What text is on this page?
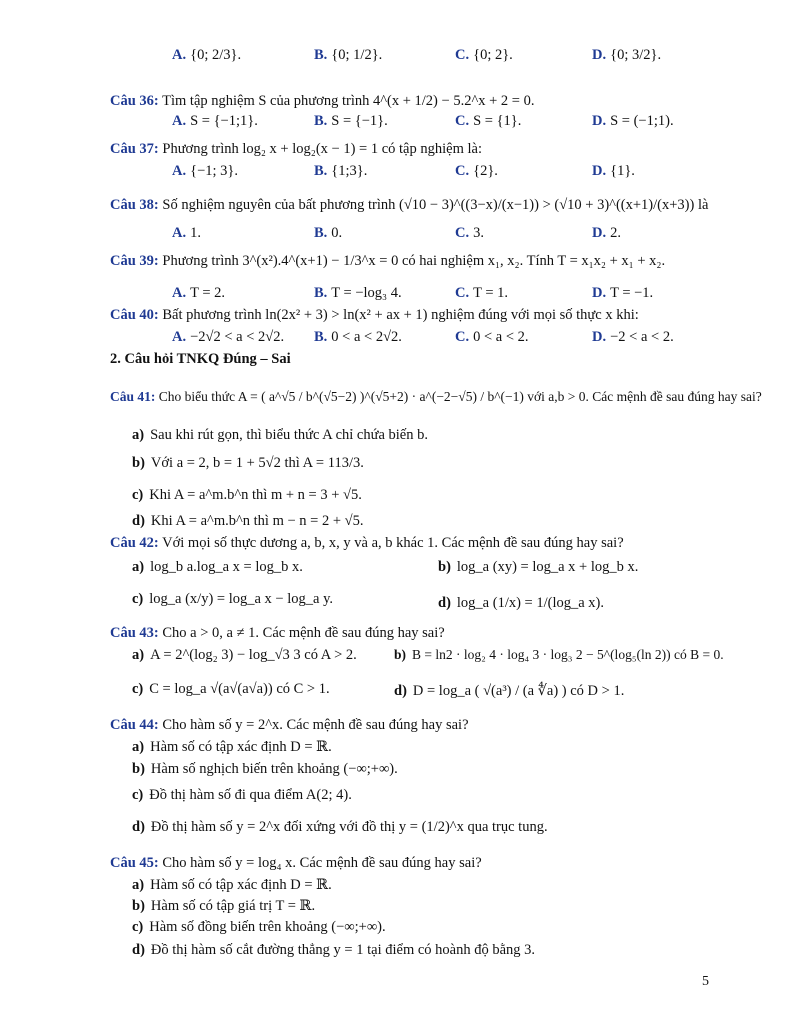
A. {0; 2/3}.	B. {0; 1/2}.	C. {0; 2}.	D. {0; 3/2}.
Câu 36: Tìm tập nghiệm S của phương trình 4^(x + 1/2) − 5.2^x + 2 = 0.
A. S = {−1;1}.	B. S = {−1}.	C. S = {1}.	D. S = (−1;1).
Câu 37: Phương trình log₂ x + log₂(x − 1) = 1 có tập nghiệm là:
A. {−1; 3}.	B. {1;3}.	C. {2}.	D. {1}.
Câu 38: Số nghiệm nguyên của bất phương trình (√10 − 3)^((3−x)/(x−1)) > (√10 + 3)^((x+1)/(x+3)) là
A. 1.	B. 0.	C. 3.	D. 2.
Câu 39: Phương trình 3^(x²).4^(x+1) − 1/3^x = 0 có hai nghiệm x₁, x₂. Tính T = x₁x₂ + x₁ + x₂.
A. T = 2.	B. T = −log₃ 4.	C. T = 1.	D. T = −1.
Câu 40: Bất phương trình ln(2x² + 3) > ln(x² + ax + 1) nghiệm đúng với mọi số thực x khi:
A. −2√2 < a < 2√2. B. 0 < a < 2√2.	C. 0 < a < 2.	D. −2 < a < 2.
2. Câu hỏi TNKQ Đúng – Sai
Câu 41: Cho biểu thức A = ( a^√5 / b^(√5−2) )^(√5+2) · a^(−2−√5) / b^(−1) với a,b > 0. Các mệnh đề sau đúng hay sai?
a) Sau khi rút gọn, thì biểu thức A chỉ chứa biến b.
b) Với a = 2, b = 1 + 5√2 thì A = 113/3.
c) Khi A = a^m.b^n thì m + n = 3 + √5.
d) Khi A = a^m.b^n thì m − n = 2 + √5.
Câu 42: Với mọi số thực dương a, b, x, y và a, b khác 1. Các mệnh đề sau đúng hay sai?
a) log_b a.log_a x = log_b x.	b) log_a (xy) = log_a x + log_b x.
c) log_a (x/y) = log_a x − log_a y.	d) log_a (1/x) = 1/(log_a x).
Câu 43: Cho a > 0, a ≠ 1. Các mệnh đề sau đúng hay sai?
a) A = 2^(log₂ 3) − log_√3 3 có A > 2.	b) B = ln2 · log₂ 4 · log₄ 3 · log₃ 2 − 5^(log₅(ln 2)) có B = 0.
c) C = log_a √(a√(a√a)) có C > 1.	d) D = log_a ( √(a³) / (a ∜a) ) có D > 1.
Câu 44: Cho hàm số y = 2^x. Các mệnh đề sau đúng hay sai?
a) Hàm số có tập xác định D = ℝ.
b) Hàm số nghịch biến trên khoảng (−∞;+∞).
c) Đồ thị hàm số đi qua điểm A(2; 4).
d) Đồ thị hàm số y = 2^x đối xứng với đồ thị y = (1/2)^x qua trục tung.
Câu 45: Cho hàm số y = log₄ x. Các mệnh đề sau đúng hay sai?
a) Hàm số có tập xác định D = ℝ.
b) Hàm số có tập giá trị T = ℝ.
c) Hàm số đồng biến trên khoảng (−∞;+∞).
d) Đồ thị hàm số cắt đường thẳng y = 1 tại điểm có hoành độ bằng 3.
5
